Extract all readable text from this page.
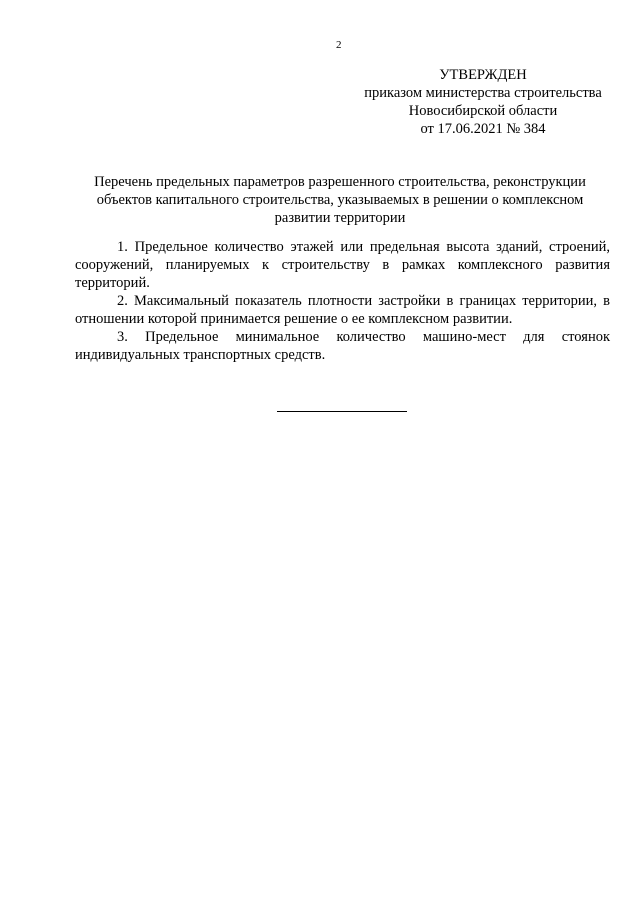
2
УТВЕРЖДЕН
приказом министерства строительства
Новосибирской области
от 17.06.2021 № 384
Перечень предельных параметров разрешенного строительства, реконструкции
объектов капитального строительства, указываемых в решении о комплексном
развитии территории

1. Предельное количество этажей или предельная высота зданий, строений, сооружений, планируемых к строительству в рамках комплексного развития территорий.

2. Максимальный показатель плотности застройки в границах территории, в отношении которой принимается решение о ее комплексном развитии.

3. Предельное минимальное количество машино-мест для стоянок индивидуальных транспортных средств.
